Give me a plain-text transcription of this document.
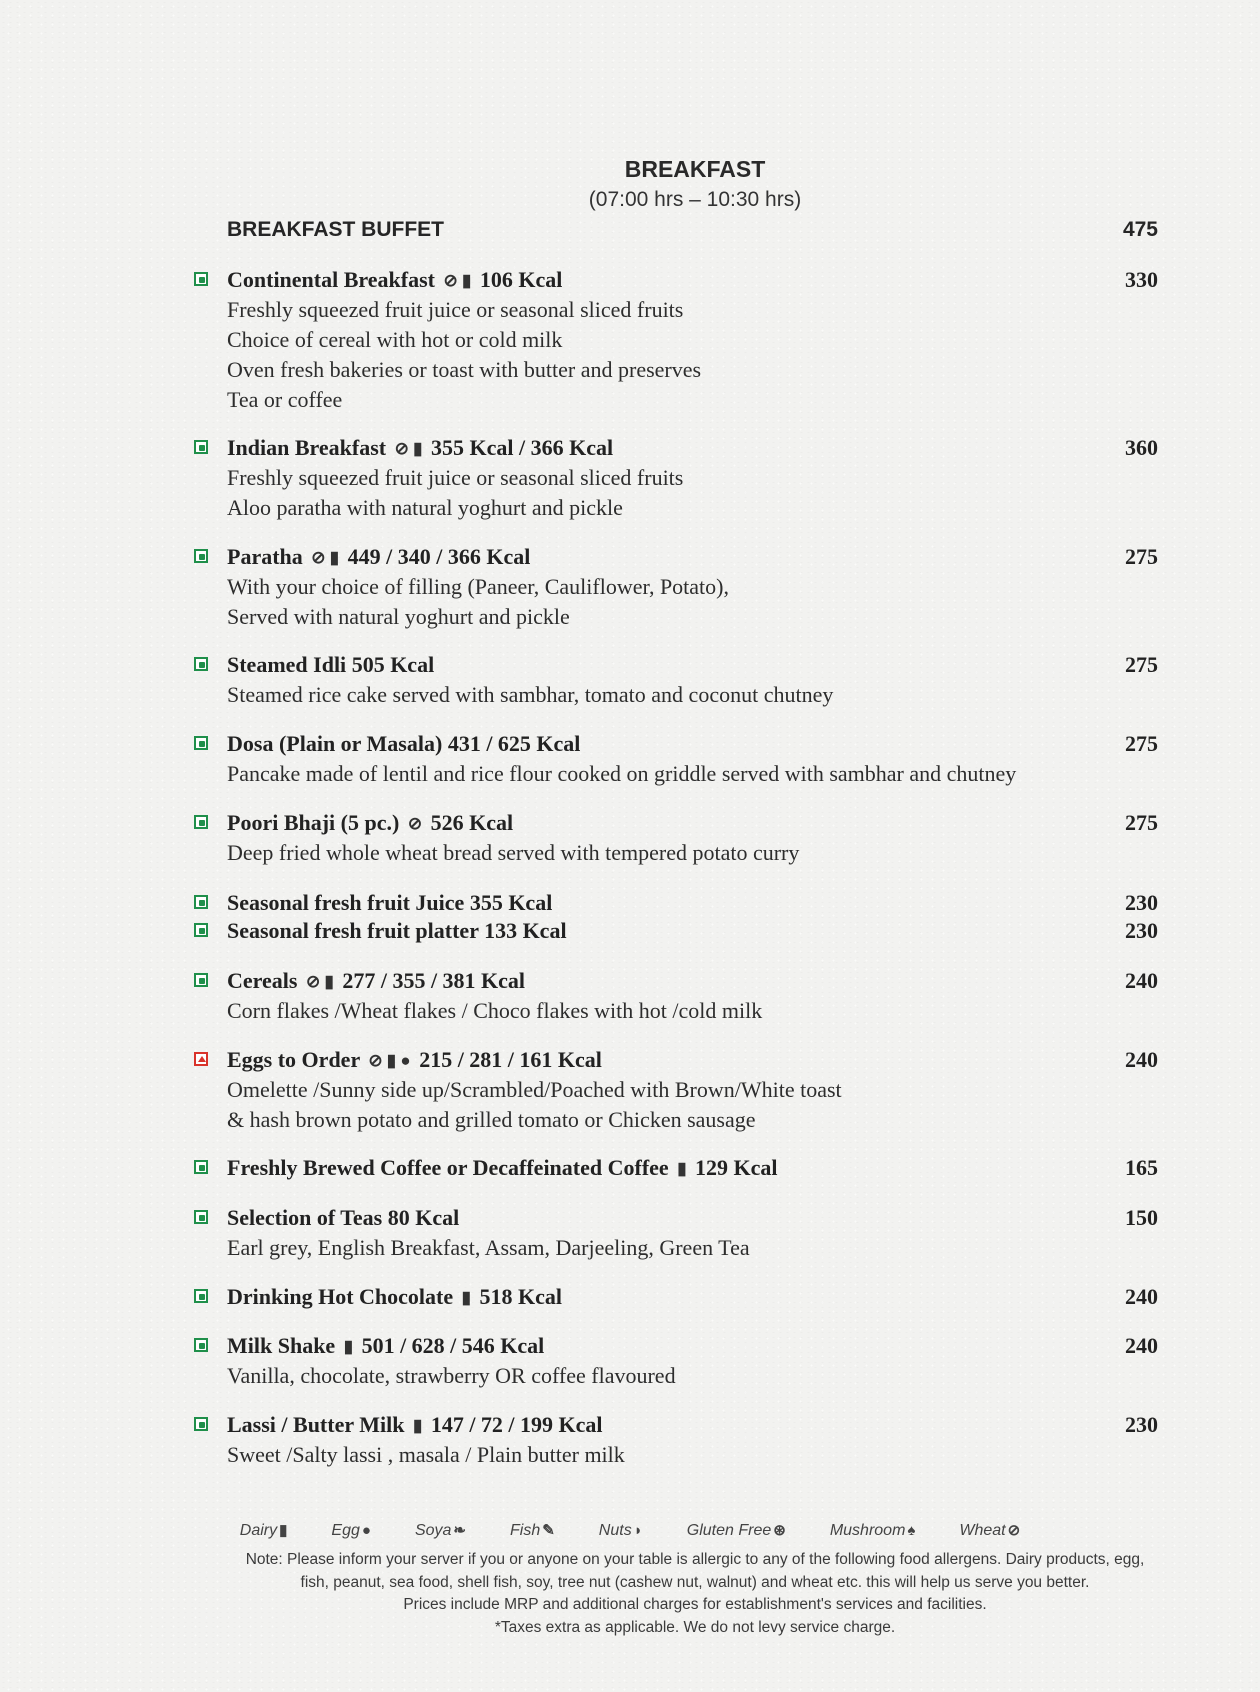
BREAKFAST
(07:00 hrs – 10:30 hrs)
BREAKFAST BUFFET	475
Continental Breakfast ⊘ ▮ 106 Kcal	330
Freshly squeezed fruit juice or seasonal sliced fruits
Choice of cereal with hot or cold milk
Oven fresh bakeries or toast with butter and preserves
Tea or coffee
Indian Breakfast ⊘ ▮ 355 Kcal / 366 Kcal	360
Freshly squeezed fruit juice or seasonal sliced fruits
Aloo paratha with natural yoghurt and pickle
Paratha ⊘ ▮ 449 / 340 / 366 Kcal	275
With your choice of filling (Paneer, Cauliflower, Potato),
Served with natural yoghurt and pickle
Steamed Idli 505 Kcal	275
Steamed rice cake served with sambhar, tomato and coconut chutney
Dosa (Plain or Masala) 431 / 625 Kcal	275
Pancake made of lentil and rice flour cooked on griddle served with sambhar and chutney
Poori Bhaji (5 pc.) ⊘ 526 Kcal	275
Deep fried whole wheat bread served with tempered potato curry
Seasonal fresh fruit Juice 355 Kcal	230
Seasonal fresh fruit platter 133 Kcal	230
Cereals ⊘ ▮ 277 / 355 / 381 Kcal	240
Corn flakes /Wheat flakes / Choco flakes with hot /cold milk
Eggs to Order ⊘ ▮ ● 215 / 281 / 161 Kcal	240
Omelette /Sunny side up/Scrambled/Poached with Brown/White toast
& hash brown potato and grilled tomato or Chicken sausage
Freshly Brewed Coffee or Decaffeinated Coffee ▮ 129 Kcal	165
Selection of Teas 80 Kcal	150
Earl grey, English Breakfast, Assam, Darjeeling, Green Tea
Drinking Hot Chocolate ▮ 518 Kcal	240
Milk Shake ▮ 501 / 628 / 546 Kcal	240
Vanilla, chocolate, strawberry OR coffee flavoured
Lassi / Butter Milk ▮ 147 / 72 / 199 Kcal	230
Sweet /Salty lassi , masala / Plain butter milk
Dairy ▮	Egg ●	Soya ❧	Fish ✎	Nuts ◗	Gluten Free ⊛	Mushroom ♠	Wheat ⊘
Note: Please inform your server if you or anyone on your table is allergic to any of the following food allergens. Dairy products, egg,
fish, peanut, sea food, shell fish, soy, tree nut (cashew nut, walnut) and wheat etc. this will help us serve you better.
Prices include MRP and additional charges for establishment's services and facilities.
*Taxes extra as applicable. We do not levy service charge.
